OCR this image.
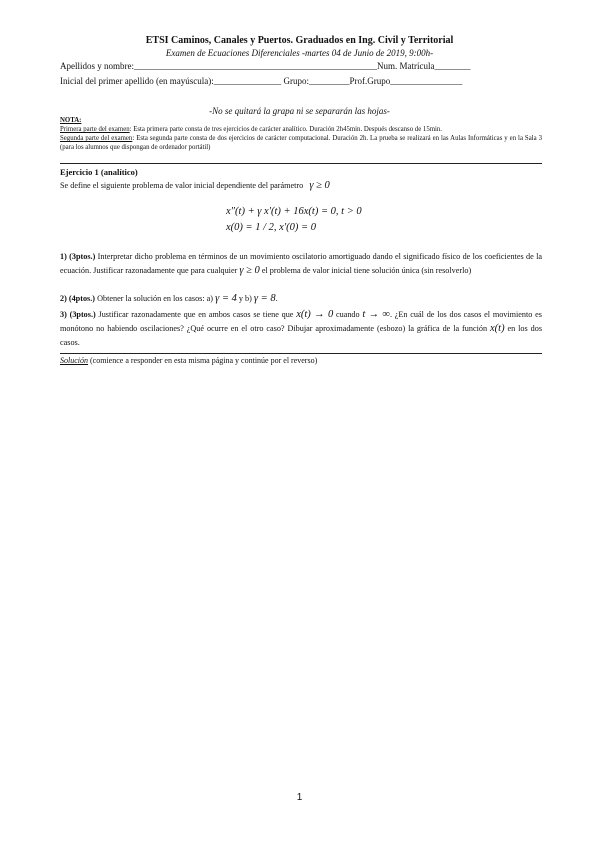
ETSI Caminos, Canales y Puertos. Graduados en Ing. Civil y Territorial
Examen de Ecuaciones Diferenciales -martes 04 de Junio de 2019, 9:00h-
Apellidos y nombre:______________________________________________________Num. Matrícula________
Inicial del primer apellido (en mayúscula):_______________ Grupo:_________Prof.Grupo________________
-No se quitará la grapa ni se separarán las hojas-
NOTA:
Primera parte del examen: Esta primera parte consta de tres ejercicios de carácter analítico. Duración 2h45min. Después descanso de 15min.
Segunda parte del examen: Esta segunda parte consta de dos ejercicios de carácter computacional. Duración 2h. La prueba se realizará en las Aulas Informáticas y en la Sala 3 (para los alumnos que dispongan de ordenador portátil)
Ejercicio 1 (analítico)
Se define el siguiente problema de valor inicial dependiente del parámetro γ ≥ 0
x″(t) + γ x′(t) + 16x(t) = 0, t > 0
x(0) = 1 / 2, x′(0) = 0
1) (3ptos.) Interpretar dicho problema en términos de un movimiento oscilatorio amortiguado dando el significado físico de los coeficientes de la ecuación. Justificar razonadamente que para cualquier γ ≥ 0 el problema de valor inicial tiene solución única (sin resolverlo)
2) (4ptos.) Obtener la solución en los casos: a) γ = 4 y b) γ = 8.
3) (3ptos.) Justificar razonadamente que en ambos casos se tiene que x(t) → 0 cuando t → ∞. ¿En cuál de los dos casos el movimiento es monótono no habiendo oscilaciones? ¿Qué ocurre en el otro caso? Dibujar aproximadamente (esbozo) la gráfica de la función x(t) en los dos casos.
Solución (comience a responder en esta misma página y continúe por el reverso)
1
